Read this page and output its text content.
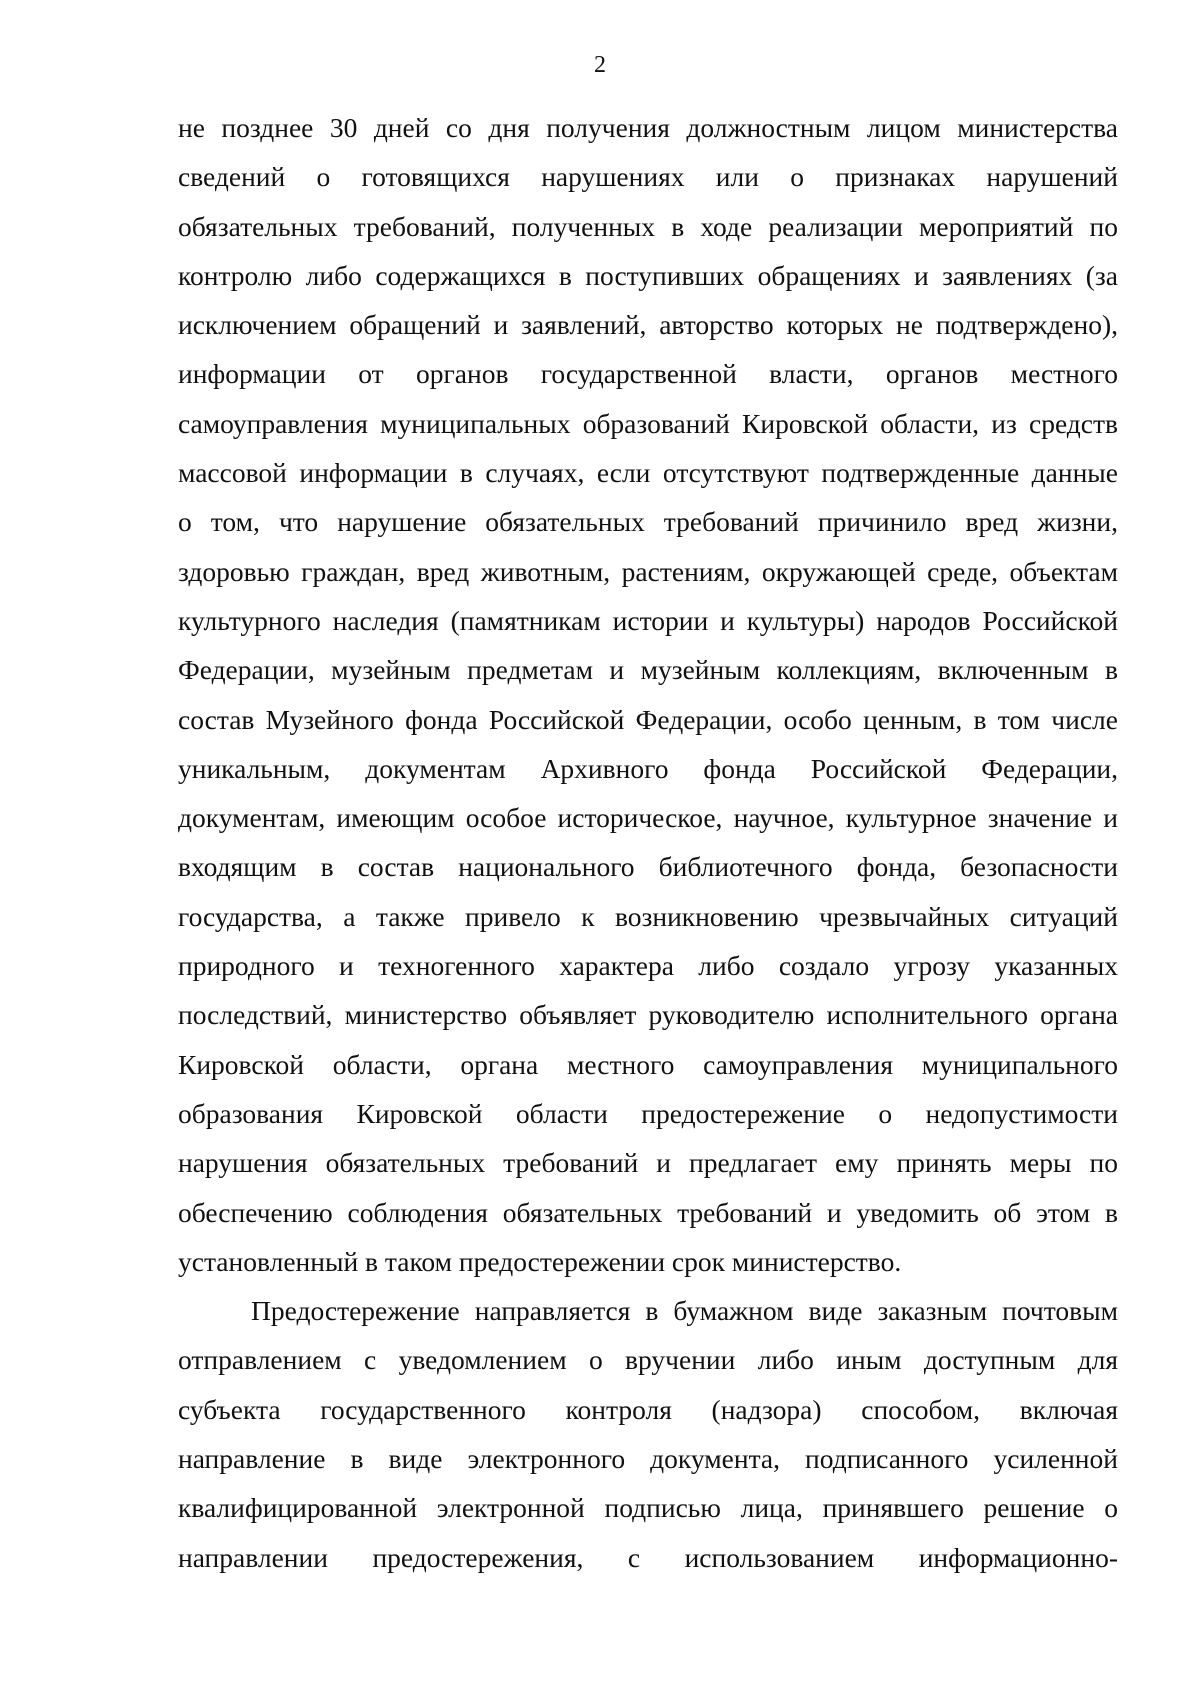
2
не позднее 30 дней со дня получения должностным лицом министерства
сведений о готовящихся нарушениях или о признаках нарушений
обязательных требований, полученных в ходе реализации мероприятий по
контролю либо содержащихся в поступивших обращениях и заявлениях (за
исключением обращений и заявлений, авторство которых не подтверждено),
информации от органов государственной власти, органов местного
самоуправления муниципальных образований Кировской области, из средств
массовой информации в случаях, если отсутствуют подтвержденные данные
о том, что нарушение обязательных требований причинило вред жизни,
здоровью граждан, вред животным, растениям, окружающей среде, объектам
культурного наследия (памятникам истории и культуры) народов Российской
Федерации, музейным предметам и музейным коллекциям, включенным в
состав Музейного фонда Российской Федерации, особо ценным, в том числе
уникальным, документам Архивного фонда Российской Федерации,
документам, имеющим особое историческое, научное, культурное значение и
входящим в состав национального библиотечного фонда, безопасности
государства, а также привело к возникновению чрезвычайных ситуаций
природного и техногенного характера либо создало угрозу указанных
последствий, министерство объявляет руководителю исполнительного органа
Кировской области, органа местного самоуправления муниципального
образования Кировской области предостережение о недопустимости
нарушения обязательных требований и предлагает ему принять меры по
обеспечению соблюдения обязательных требований и уведомить об этом в
установленный в таком предостережении срок министерство.
Предостережение направляется в бумажном виде заказным почтовым
отправлением с уведомлением о вручении либо иным доступным для
субъекта государственного контроля (надзора) способом, включая
направление в виде электронного документа, подписанного усиленной
квалифицированной электронной подписью лица, принявшего решение о
направлении предостережения, с использованием информационно-
